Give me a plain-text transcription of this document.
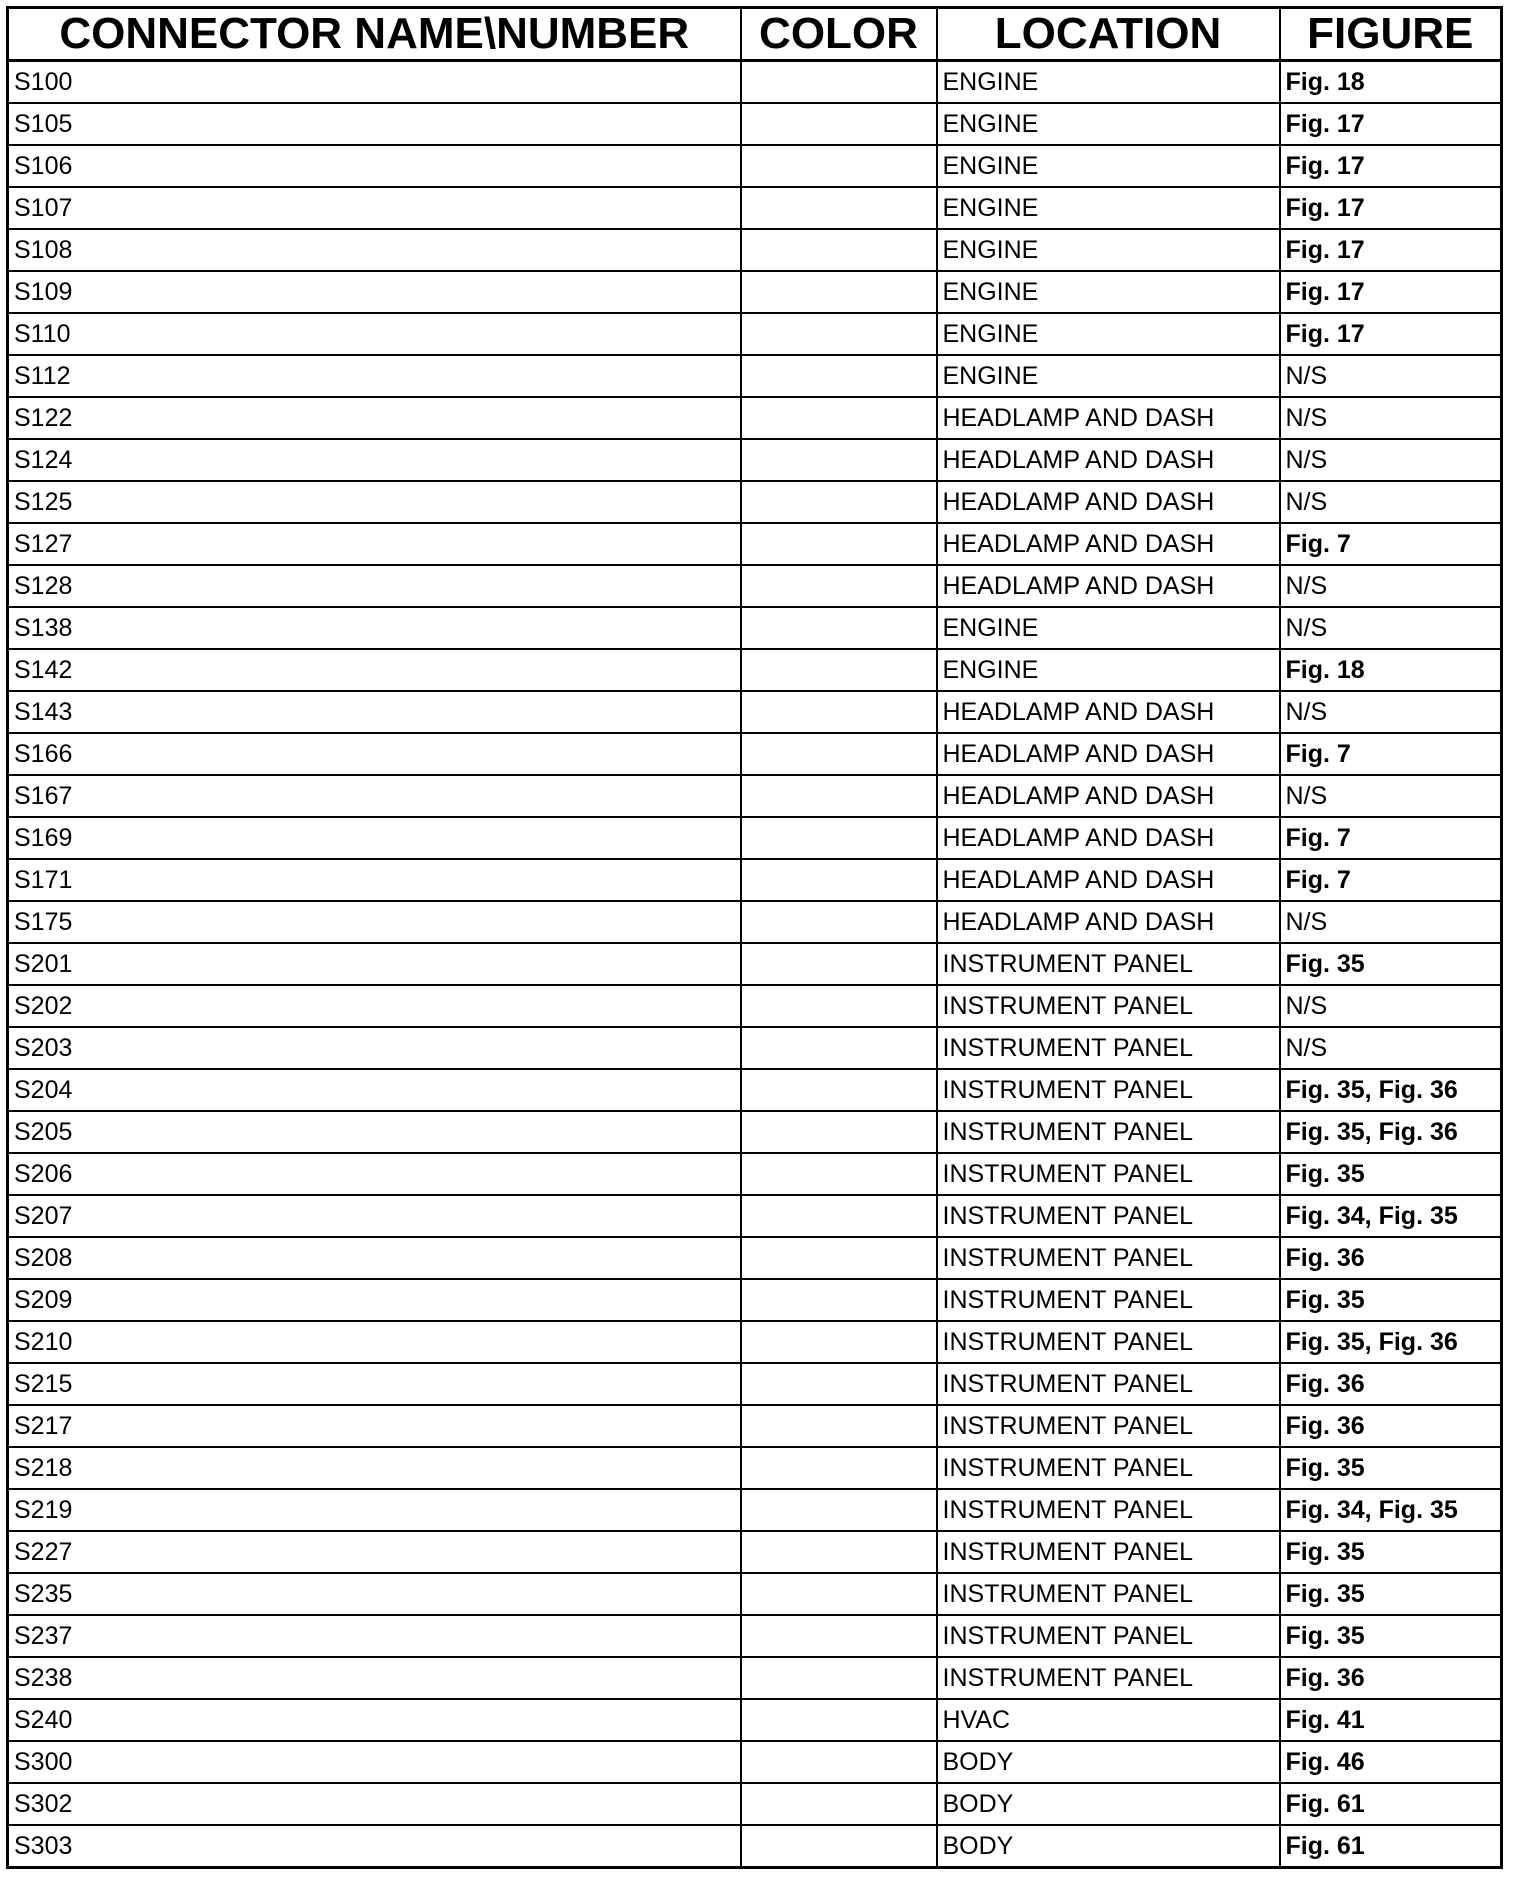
CONNECTOR NAME\NUMBER	COLOR	LOCATION	FIGURE
S100		ENGINE	Fig. 18
S105		ENGINE	Fig. 17
S106		ENGINE	Fig. 17
S107		ENGINE	Fig. 17
S108		ENGINE	Fig. 17
S109		ENGINE	Fig. 17
S110		ENGINE	Fig. 17
S112		ENGINE	N/S
S122		HEADLAMP AND DASH	N/S
S124		HEADLAMP AND DASH	N/S
S125		HEADLAMP AND DASH	N/S
S127		HEADLAMP AND DASH	Fig. 7
S128		HEADLAMP AND DASH	N/S
S138		ENGINE	N/S
S142		ENGINE	Fig. 18
S143		HEADLAMP AND DASH	N/S
S166		HEADLAMP AND DASH	Fig. 7
S167		HEADLAMP AND DASH	N/S
S169		HEADLAMP AND DASH	Fig. 7
S171		HEADLAMP AND DASH	Fig. 7
S175		HEADLAMP AND DASH	N/S
S201		INSTRUMENT PANEL	Fig. 35
S202		INSTRUMENT PANEL	N/S
S203		INSTRUMENT PANEL	N/S
S204		INSTRUMENT PANEL	Fig. 35, Fig. 36
S205		INSTRUMENT PANEL	Fig. 35, Fig. 36
S206		INSTRUMENT PANEL	Fig. 35
S207		INSTRUMENT PANEL	Fig. 34, Fig. 35
S208		INSTRUMENT PANEL	Fig. 36
S209		INSTRUMENT PANEL	Fig. 35
S210		INSTRUMENT PANEL	Fig. 35, Fig. 36
S215		INSTRUMENT PANEL	Fig. 36
S217		INSTRUMENT PANEL	Fig. 36
S218		INSTRUMENT PANEL	Fig. 35
S219		INSTRUMENT PANEL	Fig. 34, Fig. 35
S227		INSTRUMENT PANEL	Fig. 35
S235		INSTRUMENT PANEL	Fig. 35
S237		INSTRUMENT PANEL	Fig. 35
S238		INSTRUMENT PANEL	Fig. 36
S240		HVAC	Fig. 41
S300		BODY	Fig. 46
S302		BODY	Fig. 61
S303		BODY	Fig. 61
